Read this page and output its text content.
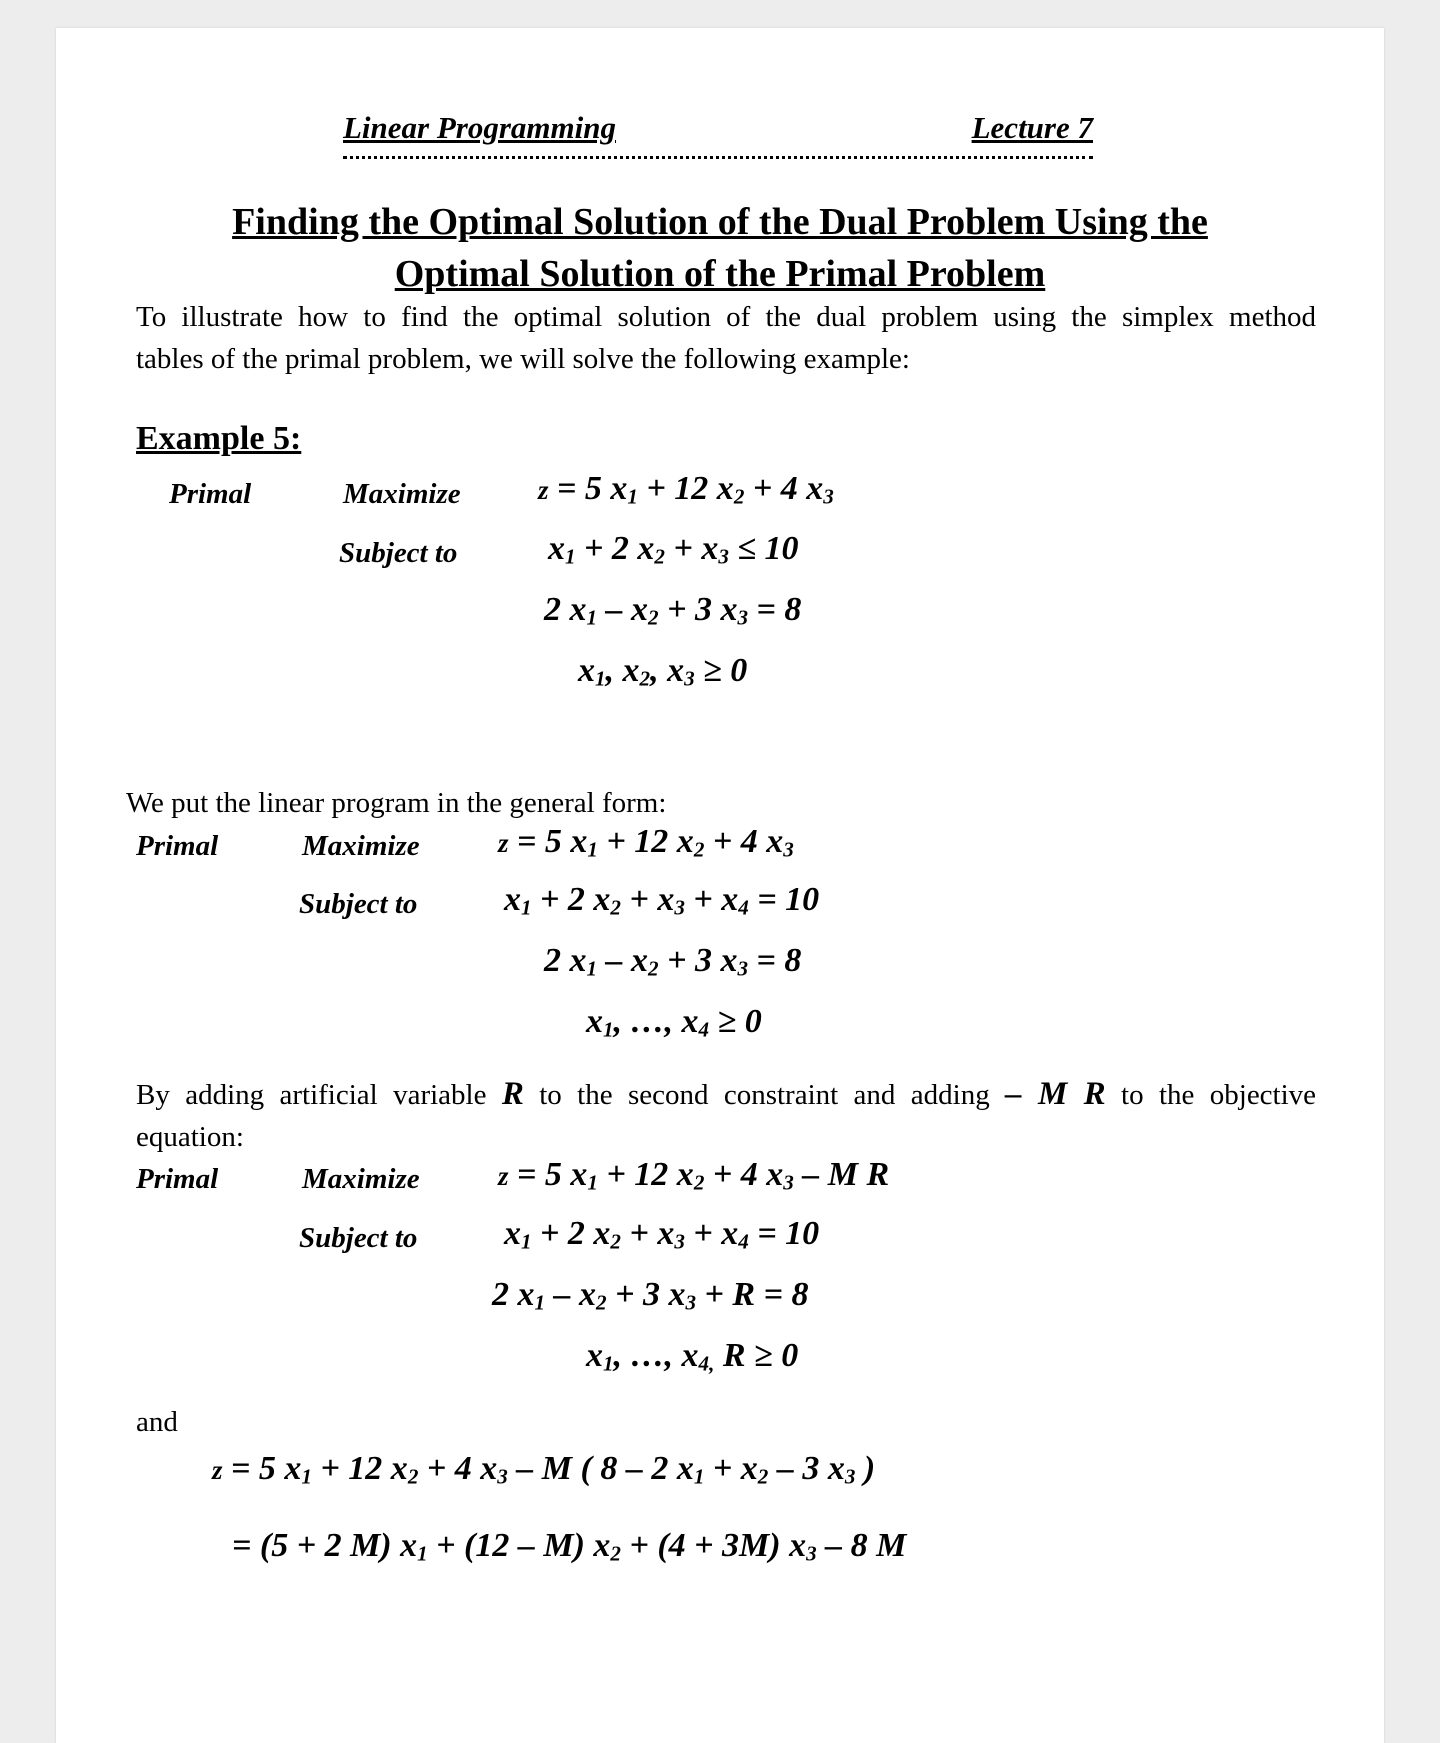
Linear Programming	Lecture 7
Finding the Optimal Solution of the Dual Problem Using the
Optimal Solution of the Primal Problem
To illustrate how to find the optimal solution of the dual problem using the simplex method
tables of the primal problem, we will solve the following example:
Example 5:
Primal	Maximize	z = 5 $x_1 + 12$ $x_2 + 4$ $x_3$
Subject to	$x_1 + 2$ $x_2 + x_3 \le 10$
2 $x_1 - x_2 + 3$ $x_3 = 8$
$x_1$, $x_2$, $x_3 \ge 0$
We put the linear program in the general form:
Primal	Maximize	z = 5 $x_1 + 12$ $x_2 + 4$ $x_3$
Subject to	$x_1 + 2$ $x_2 + x_3 + x_4 = 10$
2 $x_1 - x_2 + 3$ $x_3 = 8$
$x_1$, …, $x_4 \ge 0$
By adding artificial variable R to the second constraint and adding – M R to the objective
equation:
Primal	Maximize	z = 5 $x_1 + 12$ $x_2 + 4$ $x_3$ – M R
Subject to	$x_1 + 2$ $x_2 + x_3 + x_4 = 10$
2 $x_1 - x_2 + 3$ $x_3 + R = 8$
$x_1$, …, $x_{4,}$ R ≥ 0
and
z = 5 $x_1 + 12$ $x_2 + 4$ $x_3$ – M ( 8 – 2 $x_1 + x_2 - 3$ $x_3$ )
= (5 + 2 M) $x_1 + (12 - M) x_2 + (4 + 3M)$ $x_3 - 8$ M
